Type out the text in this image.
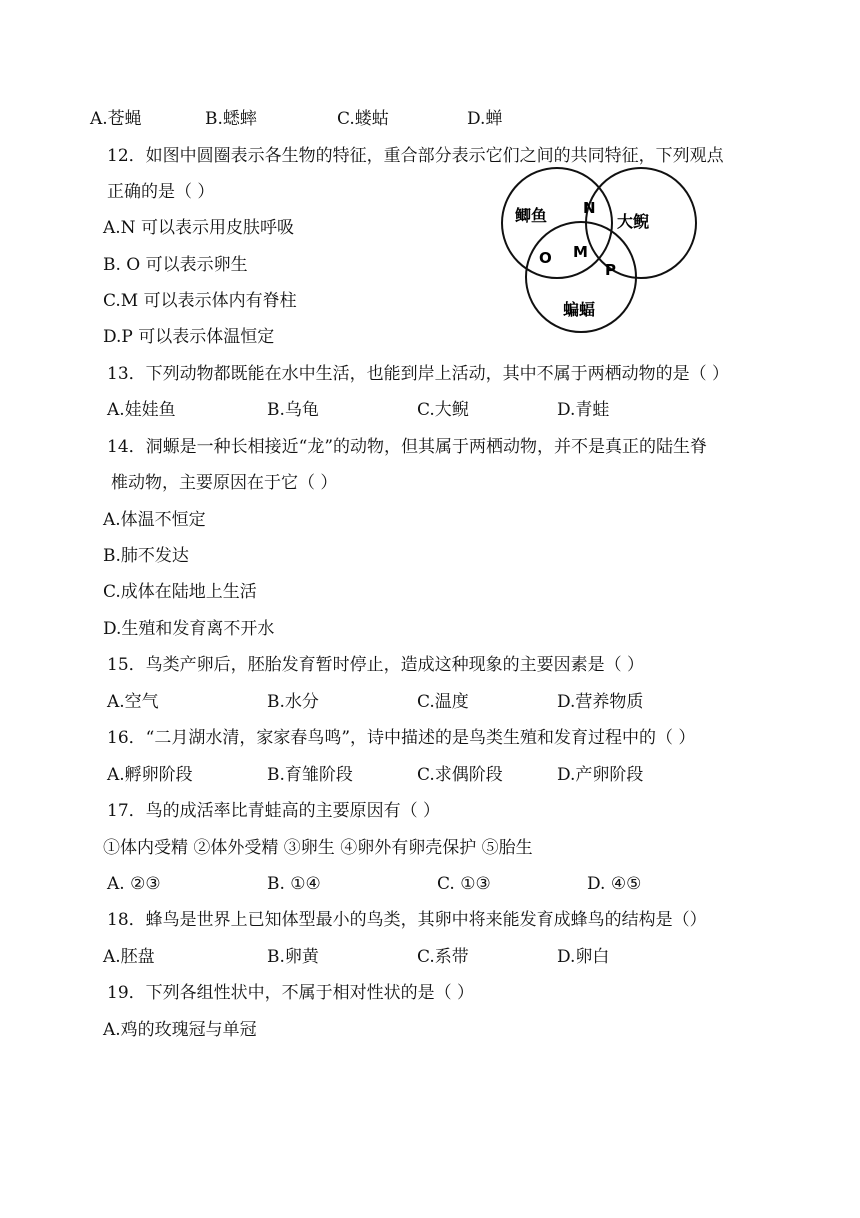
A.苍蝇	B.蟋蟀	C.蝼蛄	D.蝉
12．如图中圆圈表示各生物的特征，重合部分表示它们之间的共同特征，下列观点
正确的是（ ）
A.N 可以表示用皮肤呼吸
B. O 可以表示卵生
C.M 可以表示体内有脊柱
D.P 可以表示体温恒定
鲫鱼	大鲵
蝙蝠
N
M
O
P
13．下列动物都既能在水中生活，也能到岸上活动，其中不属于两栖动物的是（ ）
A.娃娃鱼	B.乌龟	C.大鲵	D.青蛙
14．洞螈是一种长相接近“龙”的动物，但其属于两栖动物，并不是真正的陆生脊
椎动物，主要原因在于它（ ）
A.体温不恒定
B.肺不发达
C.成体在陆地上生活
D.生殖和发育离不开水
15．鸟类产卵后，胚胎发育暂时停止，造成这种现象的主要因素是（ ）
A.空气	B.水分	C.温度	D.营养物质
16．“二月湖水清，家家春鸟鸣”，诗中描述的是鸟类生殖和发育过程中的（ ）
A.孵卵阶段	B.育雏阶段	C.求偶阶段	D.产卵阶段
17．鸟的成活率比青蛙高的主要原因有（ ）
①体内受精 ②体外受精 ③卵生 ④卵外有卵壳保护 ⑤胎生
A. ②③	B. ①④	C. ①③	D. ④⑤
18．蜂鸟是世界上已知体型最小的鸟类，其卵中将来能发育成蜂鸟的结构是（）
A.胚盘	B.卵黄	C.系带	D.卵白
19．下列各组性状中，不属于相对性状的是（ ）
A.鸡的玫瑰冠与单冠
